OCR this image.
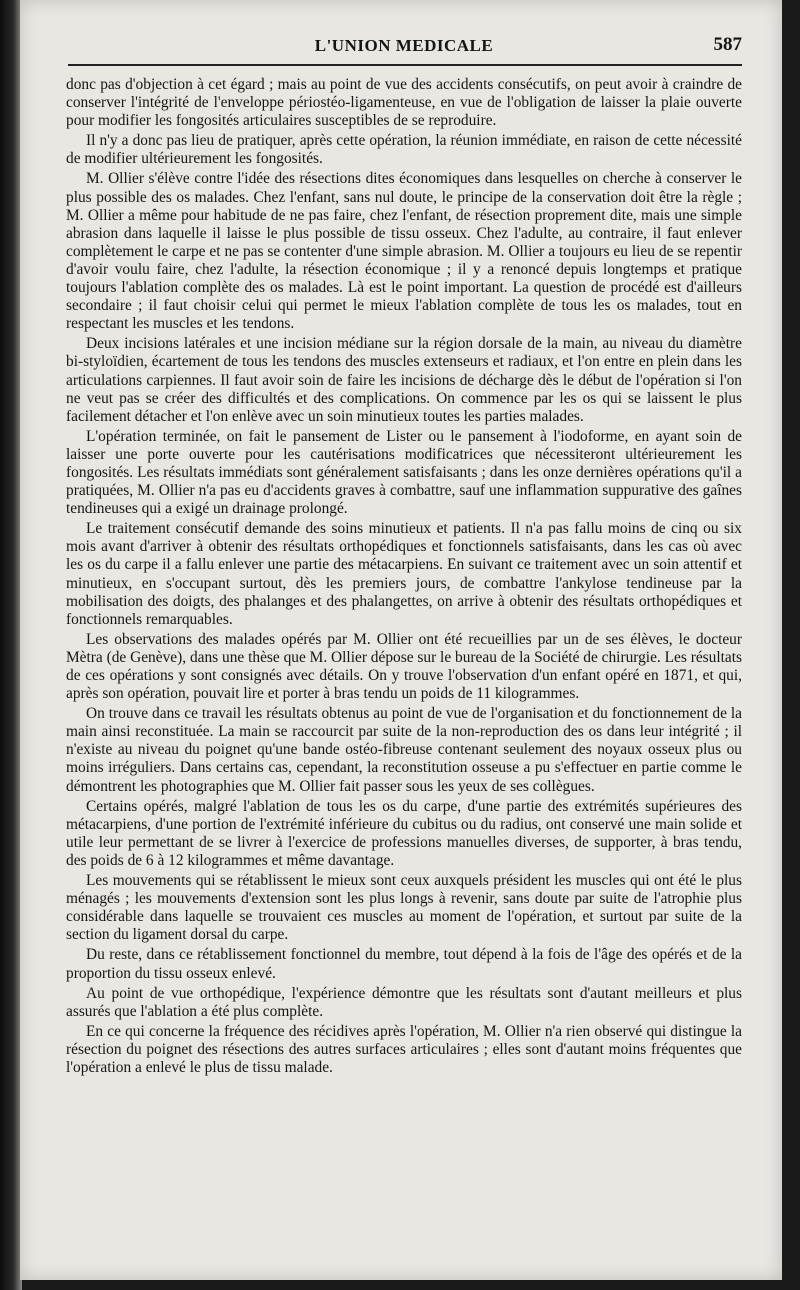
L'UNION MEDICALE	587

donc pas d'objection à cet égard ; mais au point de vue des accidents consécutifs, on peut avoir à craindre de conserver l'intégrité de l'enveloppe périostéo-ligamenteuse, en vue de l'obligation de laisser la plaie ouverte pour modifier les fongosités articulaires susceptibles de se reproduire.

Il n'y a donc pas lieu de pratiquer, après cette opération, la réunion immédiate, en raison de cette nécessité de modifier ultérieurement les fongosités.

M. Ollier s'élève contre l'idée des résections dites économiques dans lesquelles on cherche à conserver le plus possible des os malades. Chez l'enfant, sans nul doute, le principe de la conservation doit être la règle ; M. Ollier a même pour habitude de ne pas faire, chez l'enfant, de résection proprement dite, mais une simple abrasion dans laquelle il laisse le plus possible de tissu osseux. Chez l'adulte, au contraire, il faut enlever complètement le carpe et ne pas se contenter d'une simple abrasion. M. Ollier a toujours eu lieu de se repentir d'avoir voulu faire, chez l'adulte, la résection économique ; il y a renoncé depuis longtemps et pratique toujours l'ablation complète des os malades. Là est le point important. La question de procédé est d'ailleurs secondaire ; il faut choisir celui qui permet le mieux l'ablation complète de tous les os malades, tout en respectant les muscles et les tendons.

Deux incisions latérales et une incision médiane sur la région dorsale de la main, au niveau du diamètre bi-styloïdien, écartement de tous les tendons des muscles extenseurs et radiaux, et l'on entre en plein dans les articulations carpiennes. Il faut avoir soin de faire les incisions de décharge dès le début de l'opération si l'on ne veut pas se créer des difficultés et des complications. On commence par les os qui se laissent le plus facilement détacher et l'on enlève avec un soin minutieux toutes les parties malades.

L'opération terminée, on fait le pansement de Lister ou le pansement à l'iodoforme, en ayant soin de laisser une porte ouverte pour les cautérisations modificatrices que nécessiteront ultérieurement les fongosités. Les résultats immédiats sont généralement satisfaisants ; dans les onze dernières opérations qu'il a pratiquées, M. Ollier n'a pas eu d'accidents graves à combattre, sauf une inflammation suppurative des gaînes tendineuses qui a exigé un drainage prolongé.

Le traitement consécutif demande des soins minutieux et patients. Il n'a pas fallu moins de cinq ou six mois avant d'arriver à obtenir des résultats orthopédiques et fonctionnels satisfaisants, dans les cas où avec les os du carpe il a fallu enlever une partie des métacarpiens. En suivant ce traitement avec un soin attentif et minutieux, en s'occupant surtout, dès les premiers jours, de combattre l'ankylose tendineuse par la mobilisation des doigts, des phalanges et des phalangettes, on arrive à obtenir des résultats orthopédiques et fonctionnels remarquables.

Les observations des malades opérés par M. Ollier ont été recueillies par un de ses élèves, le docteur Mètra (de Genève), dans une thèse que M. Ollier dépose sur le bureau de la Société de chirurgie. Les résultats de ces opérations y sont consignés avec détails. On y trouve l'observation d'un enfant opéré en 1871, et qui, après son opération, pouvait lire et porter à bras tendu un poids de 11 kilogrammes.

On trouve dans ce travail les résultats obtenus au point de vue de l'organisation et du fonctionnement de la main ainsi reconstituée. La main se raccourcit par suite de la non-reproduction des os dans leur intégrité ; il n'existe au niveau du poignet qu'une bande ostéo-fibreuse contenant seulement des noyaux osseux plus ou moins irréguliers. Dans certains cas, cependant, la reconstitution osseuse a pu s'effectuer en partie comme le démontrent les photographies que M. Ollier fait passer sous les yeux de ses collègues.

Certains opérés, malgré l'ablation de tous les os du carpe, d'une partie des extrémités supérieures des métacarpiens, d'une portion de l'extrémité inférieure du cubitus ou du radius, ont conservé une main solide et utile leur permettant de se livrer à l'exercice de professions manuelles diverses, de supporter, à bras tendu, des poids de 6 à 12 kilogrammes et même davantage.

Les mouvements qui se rétablissent le mieux sont ceux auxquels président les muscles qui ont été le plus ménagés ; les mouvements d'extension sont les plus longs à revenir, sans doute par suite de l'atrophie plus considérable dans laquelle se trouvaient ces muscles au moment de l'opération, et surtout par suite de la section du ligament dorsal du carpe.

Du reste, dans ce rétablissement fonctionnel du membre, tout dépend à la fois de l'âge des opérés et de la proportion du tissu osseux enlevé.

Au point de vue orthopédique, l'expérience démontre que les résultats sont d'autant meilleurs et plus assurés que l'ablation a été plus complète.

En ce qui concerne la fréquence des récidives après l'opération, M. Ollier n'a rien observé qui distingue la résection du poignet des résections des autres surfaces articulaires ; elles sont d'autant moins fréquentes que l'opération a enlevé le plus de tissu malade.
